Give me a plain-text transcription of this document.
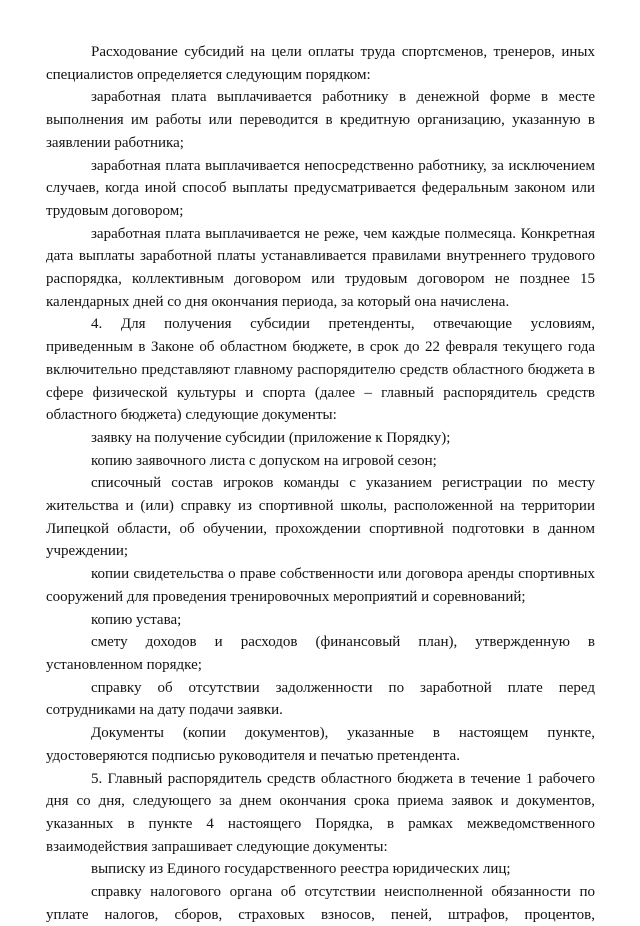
Расходование субсидий на цели оплаты труда спортсменов, тренеров, иных специалистов определяется следующим порядком:

заработная плата выплачивается работнику в денежной форме в месте выполнения им работы или переводится в кредитную организацию, указанную в заявлении работника;

заработная плата выплачивается непосредственно работнику, за исключением случаев, когда иной способ выплаты предусматривается федеральным законом или трудовым договором;

заработная плата выплачивается не реже, чем каждые полмесяца. Конкретная дата выплаты заработной платы устанавливается правилами внутреннего трудового распорядка, коллективным договором или трудовым договором не позднее 15 календарных дней со дня окончания периода, за который она начислена.

4. Для получения субсидии претенденты, отвечающие условиям, приведенным в Законе об областном бюджете, в срок до 22 февраля текущего года включительно представляют главному распорядителю средств областного бюджета в сфере физической культуры и спорта (далее – главный распорядитель средств областного бюджета) следующие документы:

заявку на получение субсидии (приложение к Порядку);

копию заявочного листа с допуском на игровой сезон;

списочный состав игроков команды с указанием регистрации по месту жительства и (или) справку из спортивной школы, расположенной на территории Липецкой области, об обучении, прохождении спортивной подготовки в данном учреждении;

копии свидетельства о праве собственности или договора аренды спортивных сооружений для проведения тренировочных мероприятий и соревнований;

копию устава;

смету доходов и расходов (финансовый план), утвержденную в установленном порядке;

справку об отсутствии задолженности по заработной плате перед сотрудниками на дату подачи заявки.

Документы (копии документов), указанные в настоящем пункте, удостоверяются подписью руководителя и печатью претендента.

5. Главный распорядитель средств областного бюджета в течение 1 рабочего дня со дня, следующего за днем окончания срока приема заявок и документов, указанных в пункте 4 настоящего Порядка, в рамках межведомственного взаимодействия запрашивает следующие документы:

выписку из Единого государственного реестра юридических лиц;

справку налогового органа об отсутствии неисполненной обязанности по уплате налогов, сборов, страховых взносов, пеней, штрафов, процентов,
